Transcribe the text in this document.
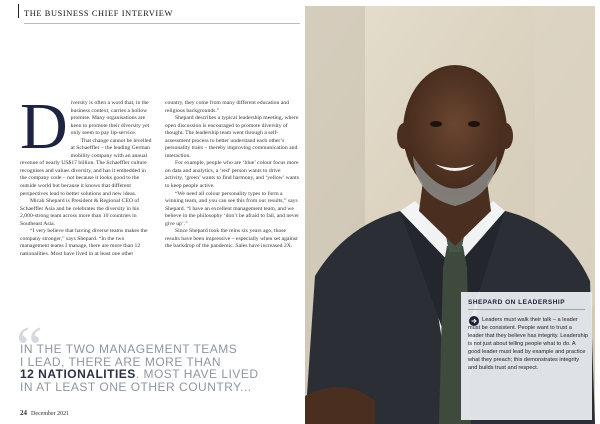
THE BUSINESS CHIEF INTERVIEW

Diversity is often a word that, in the business context, carries a hollow promise. Many organisations are keen to promote their diversity yet only seem to pay lip-service.

That change cannot be levelled at Schaeffler – the leading German mobility company with an annual revenue of nearly US$17 billion. The Schaeffler culture recognises and values diversity, and has it embedded in the company code – not because it looks good to the outside world but because it knows that different perspectives lead to better solutions and new ideas.

Micah Shepard is President & Regional CEO of Schaeffler Asia and he celebrates the diversity in his 2,000-strong team across more than 10 countries in Southeast Asia.

“I very believe that having diverse teams makes the company stronger,” says Shepard. “In the two management teams I manage, there are more than 12 nationalities. Most have lived in at least one other

country, they come from many different education and religious backgrounds.”

Shepard describes a typical leadership meeting, where open discussion is encouraged to promote diversity of thought. The leadership team went through a self-assessment process to better understand each other’s personality traits – thereby improving communication and interaction.

For example, people who are ‘blue’ colour focus more on data and analytics, a ‘red’ person wants to drive activity, ‘green’ wants to find harmony, and ‘yellow’ wants to keep people active.

“We need all colour personality types to form a winning team, and you can see this from our results,” says Shepard. “I have an excellent management team, and we believe in the philosophy ‘don’t be afraid to fail, and never give up’.”

Since Shepard took the reins six years ago, those results have been impressive – especially when set against the backdrop of the pandemic. Sales have increased 2X.

“
IN THE TWO MANAGEMENT TEAMS
I LEAD, THERE ARE MORE THAN
12 NATIONALITIES. MOST HAVE LIVED
IN AT LEAST ONE OTHER COUNTRY...
24 December 2021
SHEPARD ON LEADERSHIP
Leaders must walk their talk – a leader must be consistent. People want to trust a leader that they believe has integrity. Leadership is not just about telling people what to do. A good leader must lead by example and practice what they preach; this demonstrates integrity and builds trust and respect.
